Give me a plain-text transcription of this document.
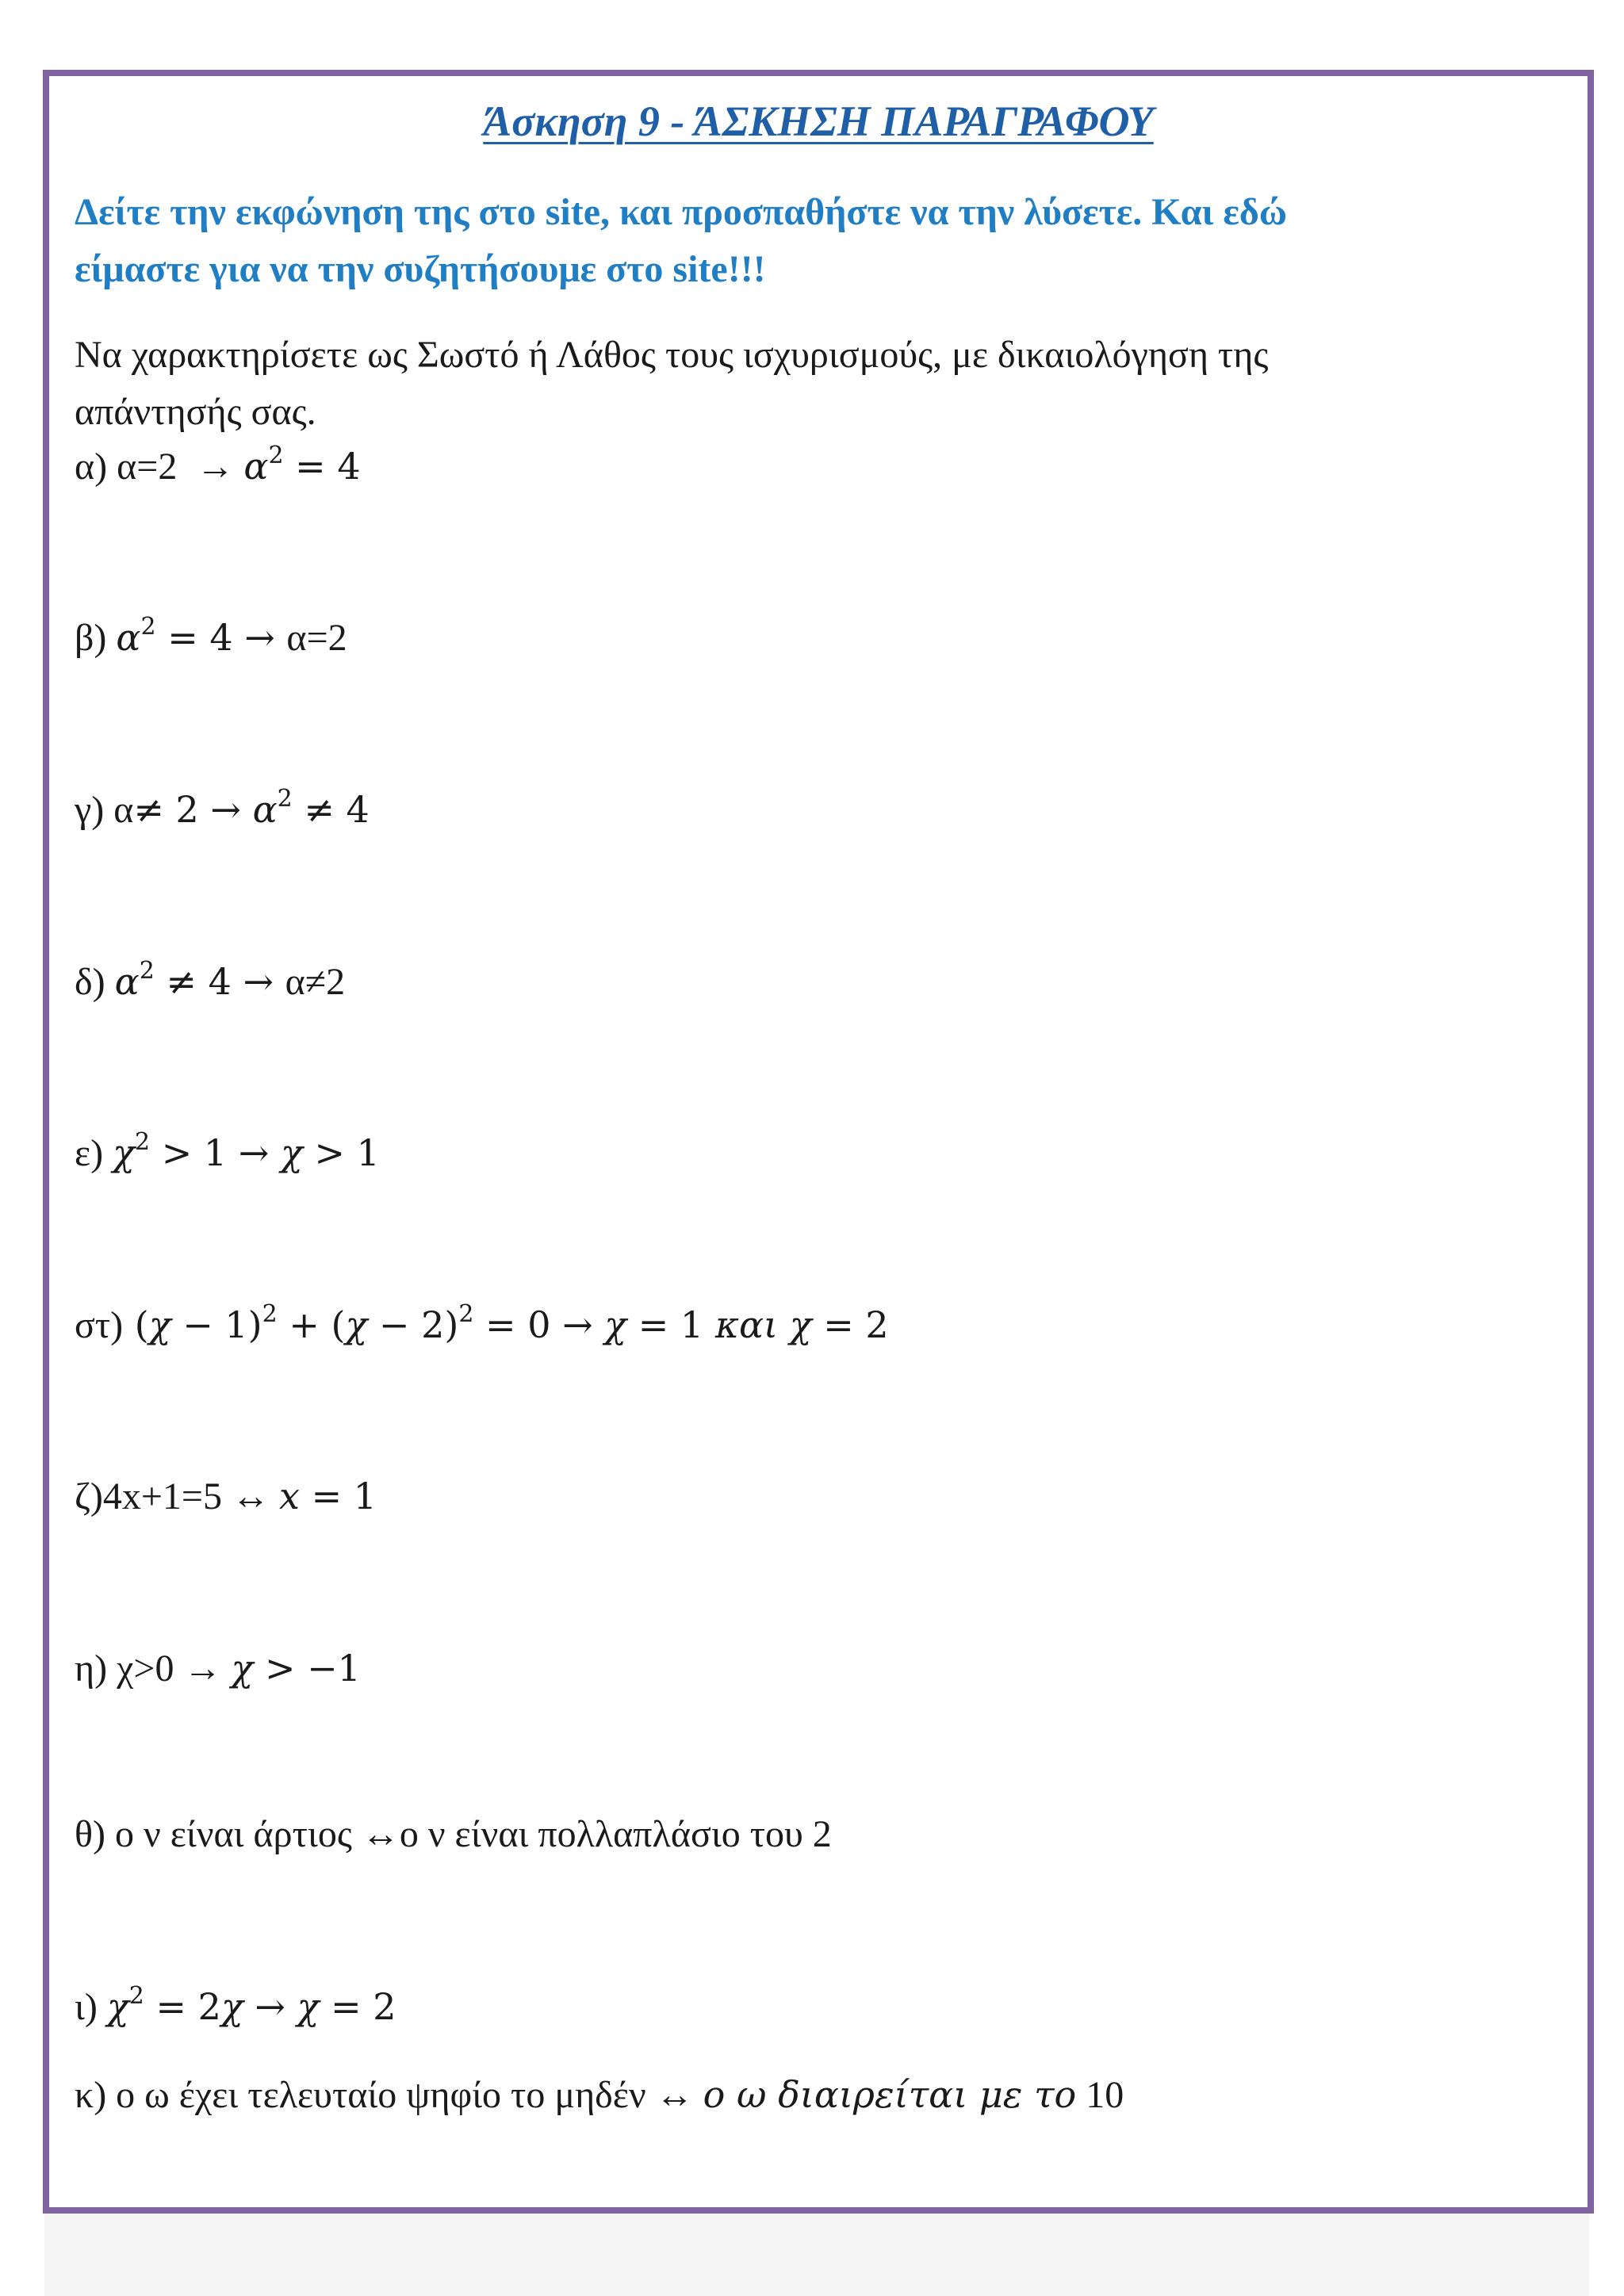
Άσκηση 9 - ΆΣΚΗΣΗ ΠΑΡΑΓΡΑΦΟΥ
Δείτε την εκφώνηση της στο site, και προσπαθήστε να την λύσετε. Και εδώ
είμαστε για να την συζητήσουμε στο site!!!
Να χαρακτηρίσετε ως Σωστό ή Λάθος τους ισχυρισμούς, με δικαιολόγηση της
απάντησής σας.
α) $\alpha=2 \to \alpha^2 = 4$
β) $\alpha^2 = 4 \to \alpha=2$
γ) $\alpha\ne 2 \to \alpha^2 \ne 4$
δ) $\alpha^2 \ne 4 \to \alpha\ne 2$
ε) $\chi^2 > 1 \to \chi > 1$
στ) $(\chi - 1)^2 + (\chi - 2)^2 = 0 \to \chi = 1$ και χ = 2
ζ)4x+1=5 ↔ x = 1
η) χ>0 → χ > −1
θ) ο ν είναι άρτιος ↔ο ν είναι πολλαπλάσιο του 2
ι) $\chi^2 = 2\chi \to \chi = 2$
κ) ο ω έχει τελευταίο ψηφίο το μηδέν ↔ ο ω διαιρείται με το 10
